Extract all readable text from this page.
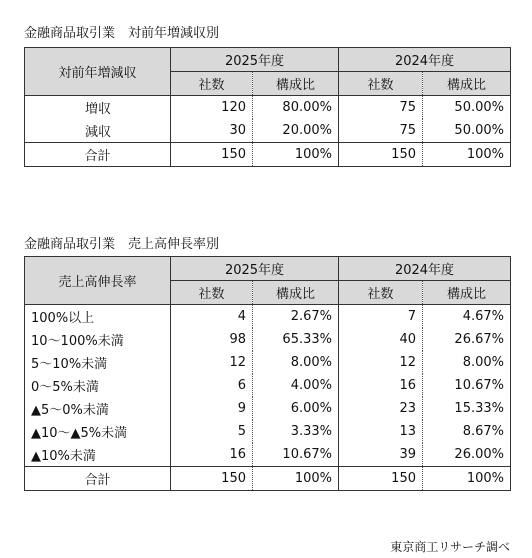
金融商品取引業　対前年増減収別
対前年増減収	2025年度		2024年度	
	社数	構成比	社数	構成比
増収	120	80.00%	75	50.00%
減収	30	20.00%	75	50.00%
合計	150	100%	150	100%
金融商品取引業　売上高伸長率別
売上高伸長率	2025年度		2024年度	
	社数	構成比	社数	構成比
100%以上	4	2.67%	7	4.67%
10～100%未満	98	65.33%	40	26.67%
5～10%未満	12	8.00%	12	8.00%
0～5%未満	6	4.00%	16	10.67%
▲5～0%未満	9	6.00%	23	15.33%
▲10～▲5%未満	5	3.33%	13	8.67%
▲10%未満	16	10.67%	39	26.00%
合計	150	100%	150	100%
東京商工リサーチ調べ
